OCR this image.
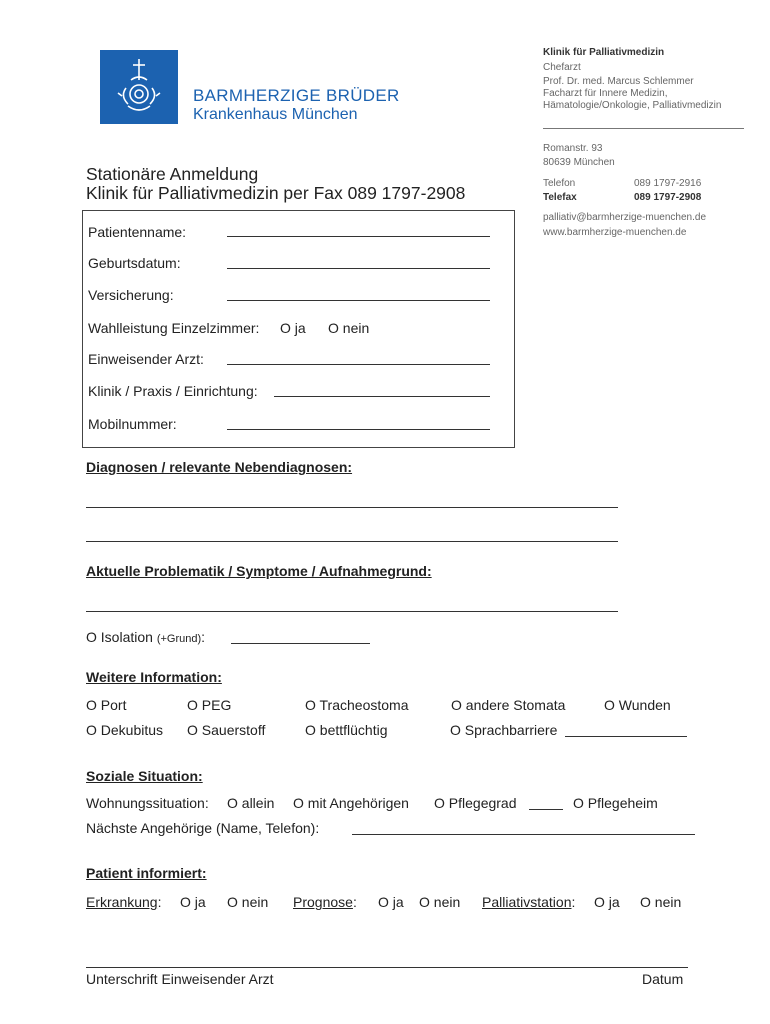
BARMHERZIGE BRÜDER
Krankenhaus München
Klinik für Palliativmedizin
Chefarzt
Prof. Dr. med. Marcus Schlemmer
Facharzt für Innere Medizin,
Hämatologie/Onkologie, Palliativmedizin
Romanstr. 93
80639 München
Telefon	089 1797-2916
Telefax	089 1797-2908
palliativ@barmherzige-muenchen.de
www.barmherzige-muenchen.de
Stationäre Anmeldung
Klinik für Palliativmedizin per Fax 089 1797-2908
Patientenname:
Geburtsdatum:
Versicherung:
Wahlleistung Einzelzimmer: O ja O nein
Einweisender Arzt:
Klinik / Praxis / Einrichtung:
Mobilnummer:
Diagnosen / relevante Nebendiagnosen:
Aktuelle Problematik / Symptome / Aufnahmegrund:
O Isolation (+Grund):
Weitere Information:
O Port	O PEG	O Tracheostoma	O andere Stomata	O Wunden
O Dekubitus O Sauerstoff	O bettflüchtig	O Sprachbarriere
Soziale Situation:
Wohnungssituation: O allein O mit Angehörigen O Pflegegrad	O Pflegeheim
Nächste Angehörige (Name, Telefon):
Patient informiert:
Erkrankung: O ja O nein Prognose: O ja O nein Palliativstation: O ja O nein
Unterschrift Einweisender Arzt	Datum
